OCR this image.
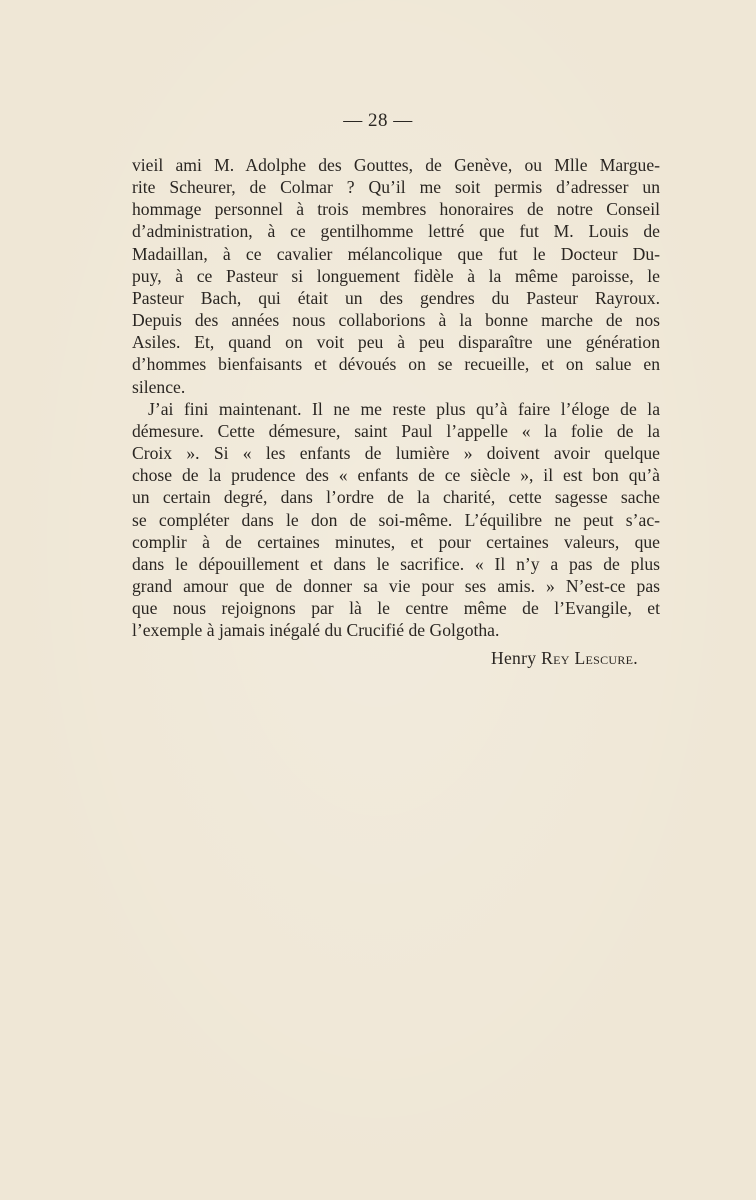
— 28 —
vieil ami M. Adolphe des Gouttes, de Genève, ou Mlle Margue-
rite Scheurer, de Colmar ? Qu’il me soit permis d’adresser un
hommage personnel à trois membres honoraires de notre Conseil
d’administration, à ce gentilhomme lettré que fut M. Louis de
Madaillan, à ce cavalier mélancolique que fut le Docteur Du-
puy, à ce Pasteur si longuement fidèle à la même paroisse, le
Pasteur Bach, qui était un des gendres du Pasteur Rayroux.
Depuis des années nous collaborions à la bonne marche de nos
Asiles. Et, quand on voit peu à peu disparaître une génération
d’hommes bienfaisants et dévoués on se recueille, et on salue en
silence.
J’ai fini maintenant. Il ne me reste plus qu’à faire l’éloge de la
démesure. Cette démesure, saint Paul l’appelle « la folie de la
Croix ». Si « les enfants de lumière » doivent avoir quelque
chose de la prudence des « enfants de ce siècle », il est bon qu’à
un certain degré, dans l’ordre de la charité, cette sagesse sache
se compléter dans le don de soi-même. L’équilibre ne peut s’ac-
complir à de certaines minutes, et pour certaines valeurs, que
dans le dépouillement et dans le sacrifice. « Il n’y a pas de plus
grand amour que de donner sa vie pour ses amis. » N’est-ce pas
que nous rejoignons par là le centre même de l’Evangile, et
l’exemple à jamais inégalé du Crucifié de Golgotha.
Henry Rey Lescure.
